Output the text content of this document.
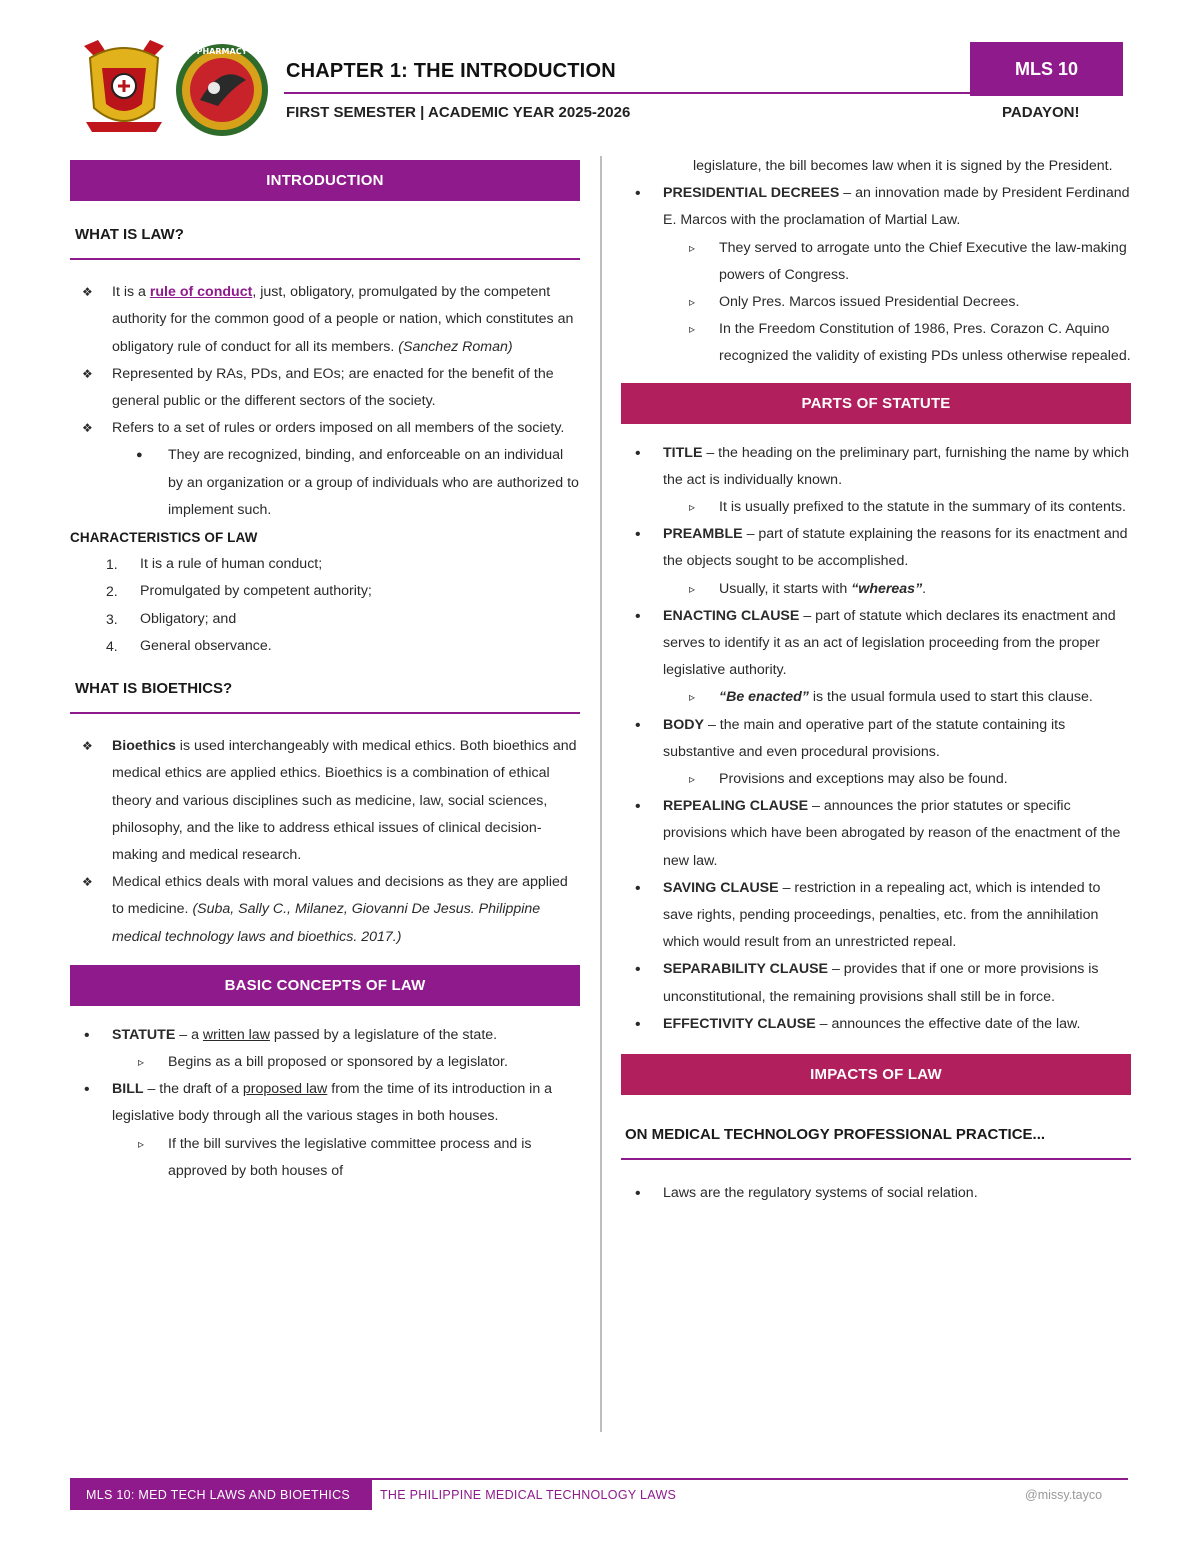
PHARMACY
CHAPTER 1: THE INTRODUCTION	MLS 10
FIRST SEMESTER | ACADEMIC YEAR 2025-2026	PADAYON!
INTRODUCTION
WHAT IS LAW?
❖ It is a rule of conduct, just, obligatory, promulgated by the competent authority for the common good of a people or nation, which constitutes an obligatory rule of conduct for all its members. (Sanchez Roman)
❖ Represented by RAs, PDs, and EOs; are enacted for the benefit of the general public or the different sectors of the society.
❖ Refers to a set of rules or orders imposed on all members of the society.
● They are recognized, binding, and enforceable on an individual by an organization or a group of individuals who are authorized to implement such.
CHARACTERISTICS OF LAW
1. It is a rule of human conduct;
2. Promulgated by competent authority;
3. Obligatory; and
4. General observance.
WHAT IS BIOETHICS?
❖ Bioethics is used interchangeably with medical ethics. Both bioethics and medical ethics are applied ethics. Bioethics is a combination of ethical theory and various disciplines such as medicine, law, social sciences, philosophy, and the like to address ethical issues of clinical decision-making and medical research.
❖ Medical ethics deals with moral values and decisions as they are applied to medicine. (Suba, Sally C., Milanez, Giovanni De Jesus. Philippine medical technology laws and bioethics. 2017.)
BASIC CONCEPTS OF LAW
• STATUTE – a written law passed by a legislature of the state.
▹ Begins as a bill proposed or sponsored by a legislator.
• BILL – the draft of a proposed law from the time of its introduction in a legislative body through all the various stages in both houses.
▹ If the bill survives the legislative committee process and is approved by both houses of
legislature, the bill becomes law when it is signed by the President.
• PRESIDENTIAL DECREES – an innovation made by President Ferdinand E. Marcos with the proclamation of Martial Law.
▹ They served to arrogate unto the Chief Executive the law-making powers of Congress.
▹ Only Pres. Marcos issued Presidential Decrees.
▹ In the Freedom Constitution of 1986, Pres. Corazon C. Aquino recognized the validity of existing PDs unless otherwise repealed.
PARTS OF STATUTE
• TITLE – the heading on the preliminary part, furnishing the name by which the act is individually known.
▹ It is usually prefixed to the statute in the summary of its contents.
• PREAMBLE – part of statute explaining the reasons for its enactment and the objects sought to be accomplished.
▹ Usually, it starts with “whereas”.
• ENACTING CLAUSE – part of statute which declares its enactment and serves to identify it as an act of legislation proceeding from the proper legislative authority.
▹ “Be enacted” is the usual formula used to start this clause.
• BODY – the main and operative part of the statute containing its substantive and even procedural provisions.
▹ Provisions and exceptions may also be found.
• REPEALING CLAUSE – announces the prior statutes or specific provisions which have been abrogated by reason of the enactment of the new law.
• SAVING CLAUSE – restriction in a repealing act, which is intended to save rights, pending proceedings, penalties, etc. from the annihilation which would result from an unrestricted repeal.
• SEPARABILITY CLAUSE – provides that if one or more provisions is unconstitutional, the remaining provisions shall still be in force.
• EFFECTIVITY CLAUSE – announces the effective date of the law.
IMPACTS OF LAW
ON MEDICAL TECHNOLOGY PROFESSIONAL PRACTICE...
• Laws are the regulatory systems of social relation.
MLS 10: MED TECH LAWS AND BIOETHICS	THE PHILIPPINE MEDICAL TECHNOLOGY LAWS	@missy.tayco
